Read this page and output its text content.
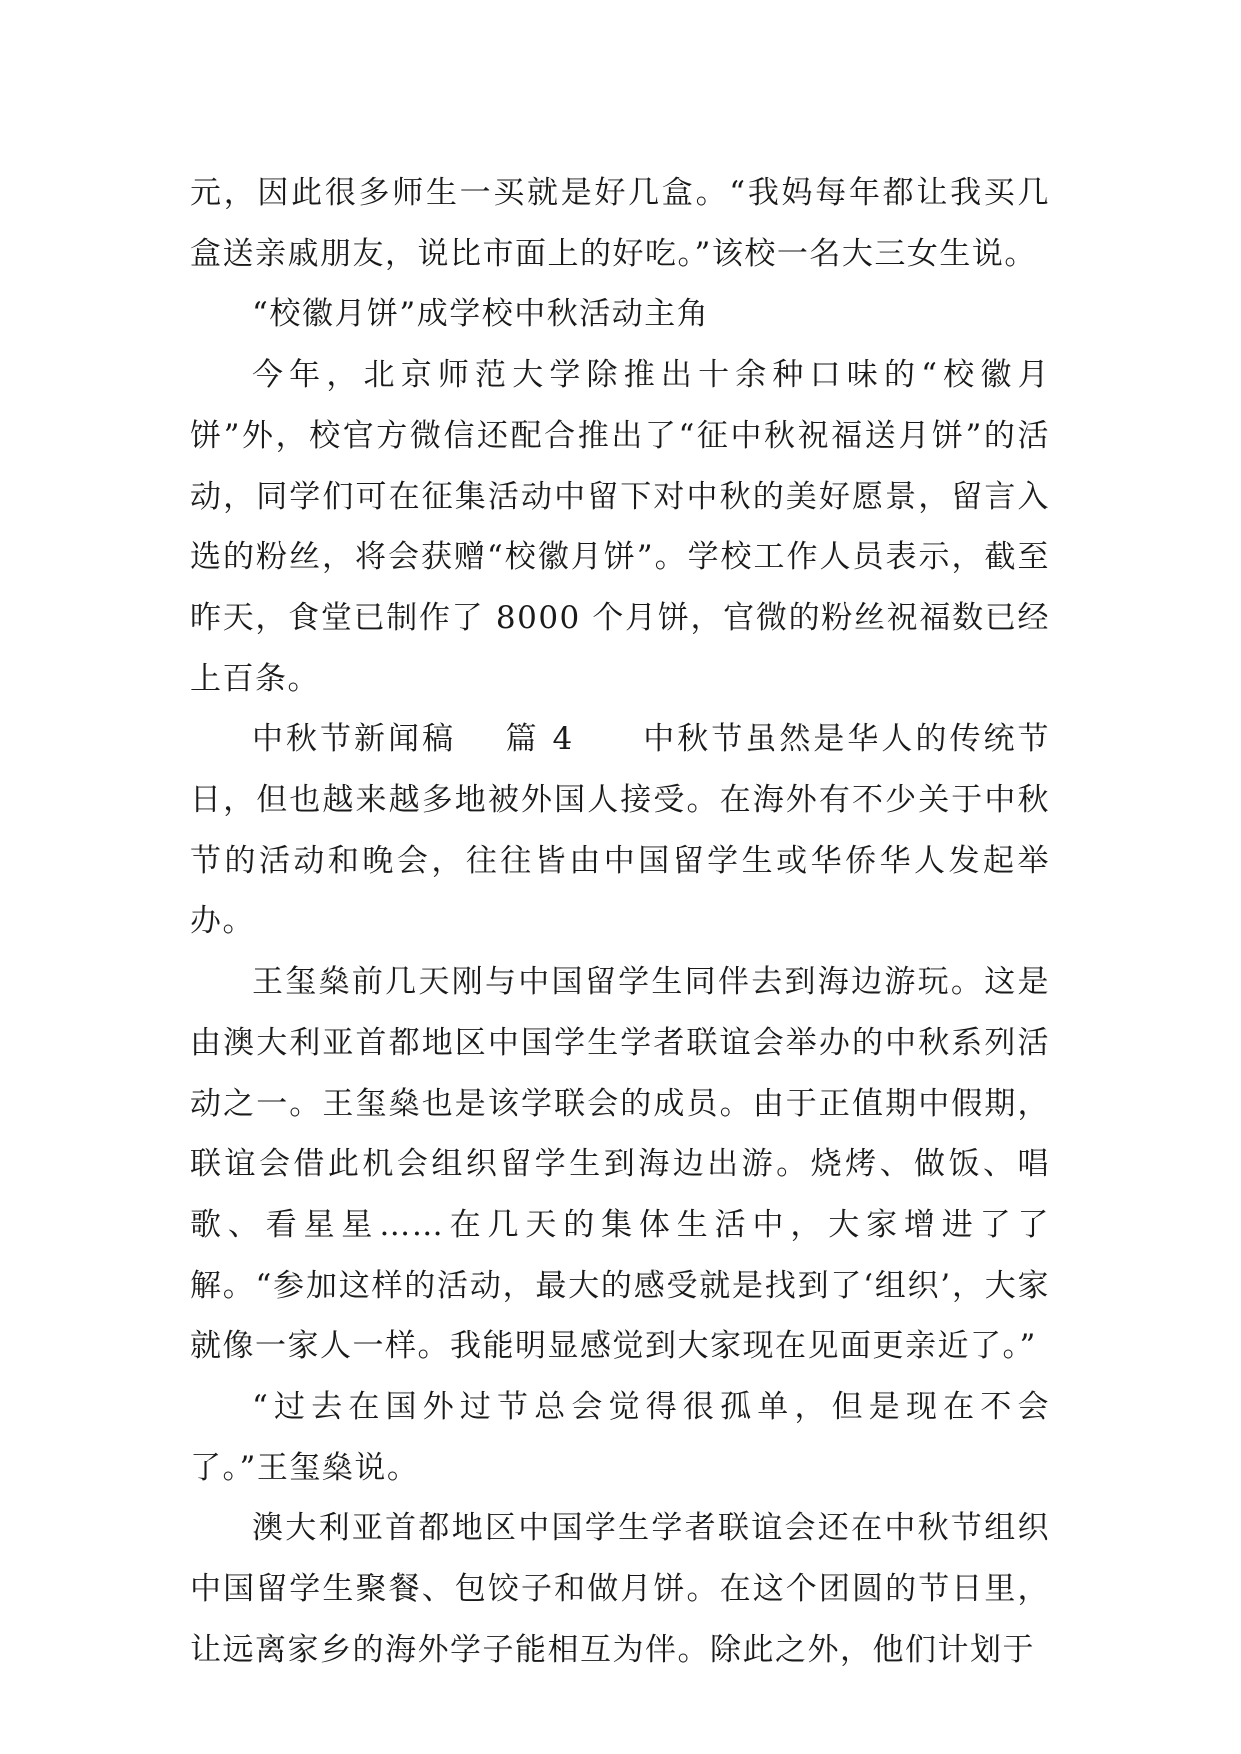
元，因此很多师生一买就是好几盒。“我妈每年都让我买几盒送亲戚朋友，说比市面上的好吃。”该校一名大三女生说。

“校徽月饼”成学校中秋活动主角

今年，北京师范大学除推出十余种口味的“校徽月饼”外，校官方微信还配合推出了“征中秋祝福送月饼”的活动，同学们可在征集活动中留下对中秋的美好愿景，留言入选的粉丝，将会获赠“校徽月饼”。学校工作人员表示，截至昨天，食堂已制作了 8000 个月饼，官微的粉丝祝福数已经上百条。

中秋节新闻稿 篇 4 中秋节虽然是华人的传统节日，但也越来越多地被外国人接受。在海外有不少关于中秋节的活动和晚会，往往皆由中国留学生或华侨华人发起举办。

王玺燊前几天刚与中国留学生同伴去到海边游玩。这是由澳大利亚首都地区中国学生学者联谊会举办的中秋系列活动之一。王玺燊也是该学联会的成员。由于正值期中假期，联谊会借此机会组织留学生到海边出游。烧烤、做饭、唱歌、看星星……在几天的集体生活中，大家增进了了解。“参加这样的活动，最大的感受就是找到了‘组织’，大家就像一家人一样。我能明显感觉到大家现在见面更亲近了。”

“过去在国外过节总会觉得很孤单，但是现在不会了。”王玺燊说。

澳大利亚首都地区中国学生学者联谊会还在中秋节组织中国留学生聚餐、包饺子和做月饼。在这个团圆的节日里，让远离家乡的海外学子能相互为伴。除此之外，他们计划于
